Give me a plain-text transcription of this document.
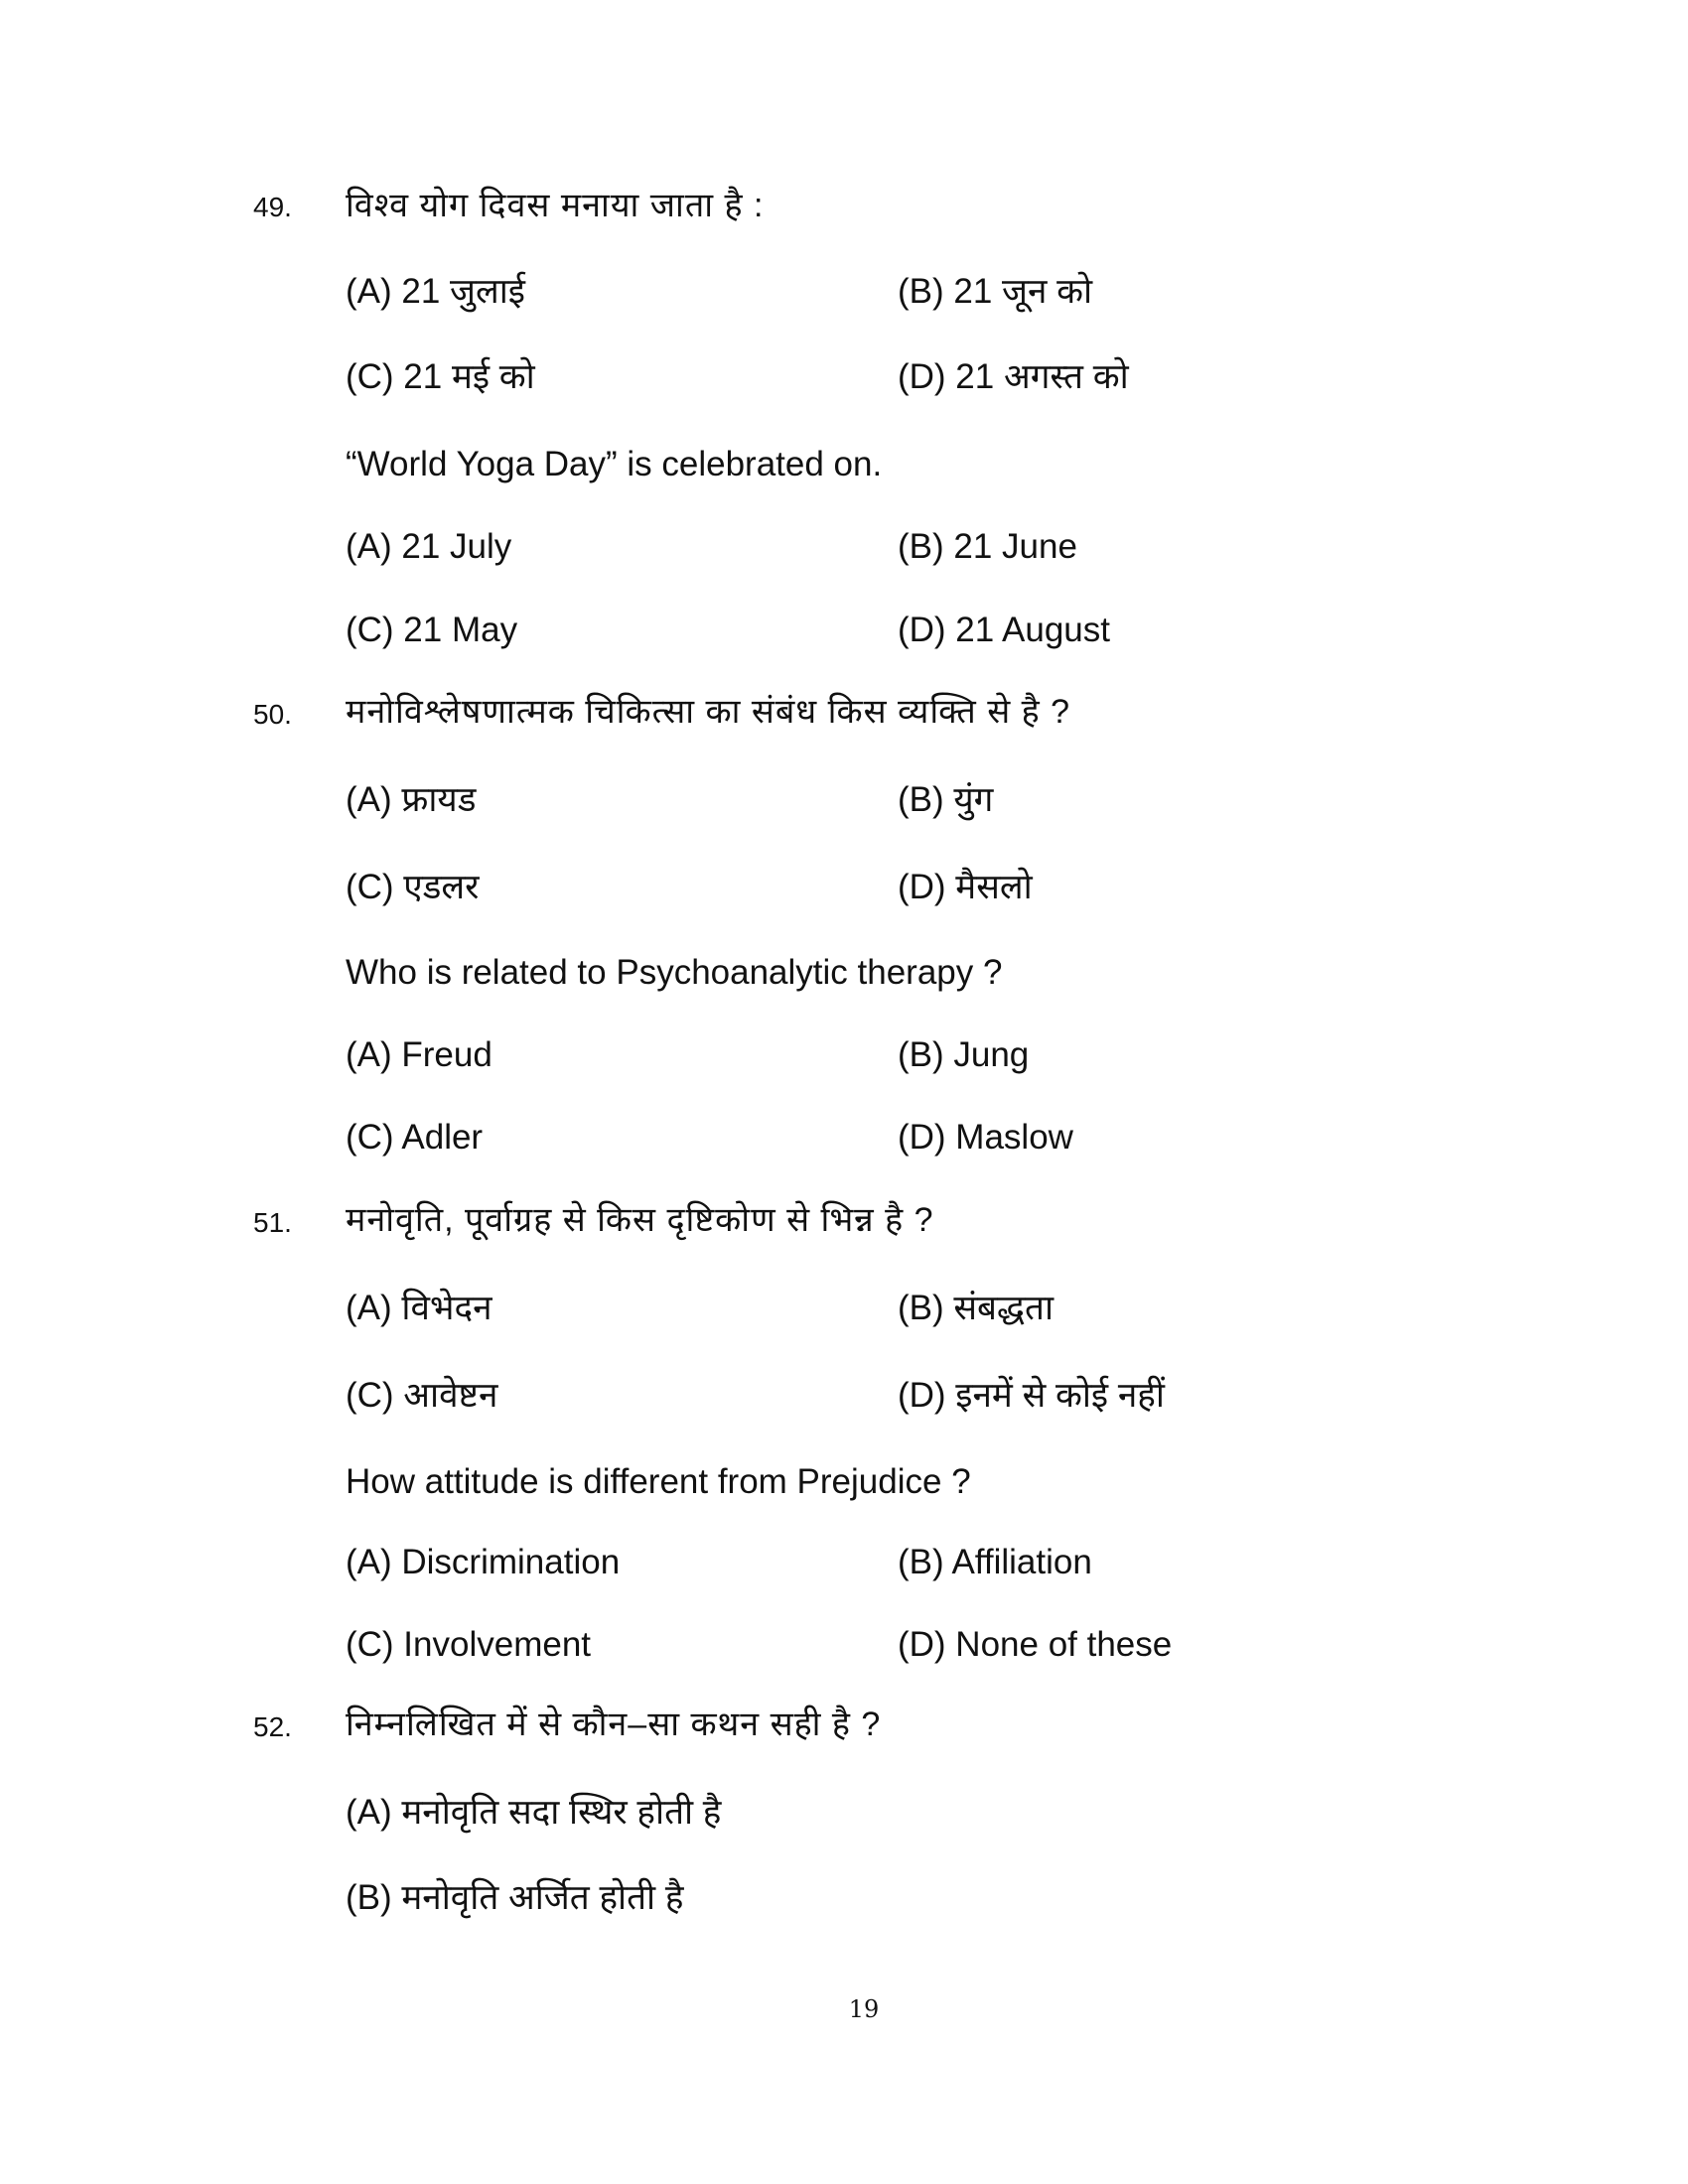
49. विश्व योग दिवस मनाया जाता है :
(A) 21 जुलाई	(B) 21 जून को
(C) 21 मई को	(D) 21 अगस्त को
“World Yoga Day” is celebrated on.
(A) 21 July	(B) 21 June
(C) 21 May	(D) 21 August
50. मनोविश्लेषणात्मक चिकित्सा का संबंध किस व्यक्ति से है ?
(A) फ्रायड	(B) युंग
(C) एडलर	(D) मैसलो
Who is related to Psychoanalytic therapy ?
(A) Freud	(B) Jung
(C) Adler	(D) Maslow
51. मनोवृति, पूर्वाग्रह से किस दृष्टिकोण से भिन्न है ?
(A) विभेदन	(B) संबद्धता
(C) आवेष्टन	(D) इनमें से कोई नहीं
How attitude is different from Prejudice ?
(A) Discrimination	(B) Affiliation
(C) Involvement	(D) None of these
52. निम्नलिखित में से कौन–सा कथन सही है ?
(A) मनोवृति सदा स्थिर होती है
(B) मनोवृति अर्जित होती है
19
